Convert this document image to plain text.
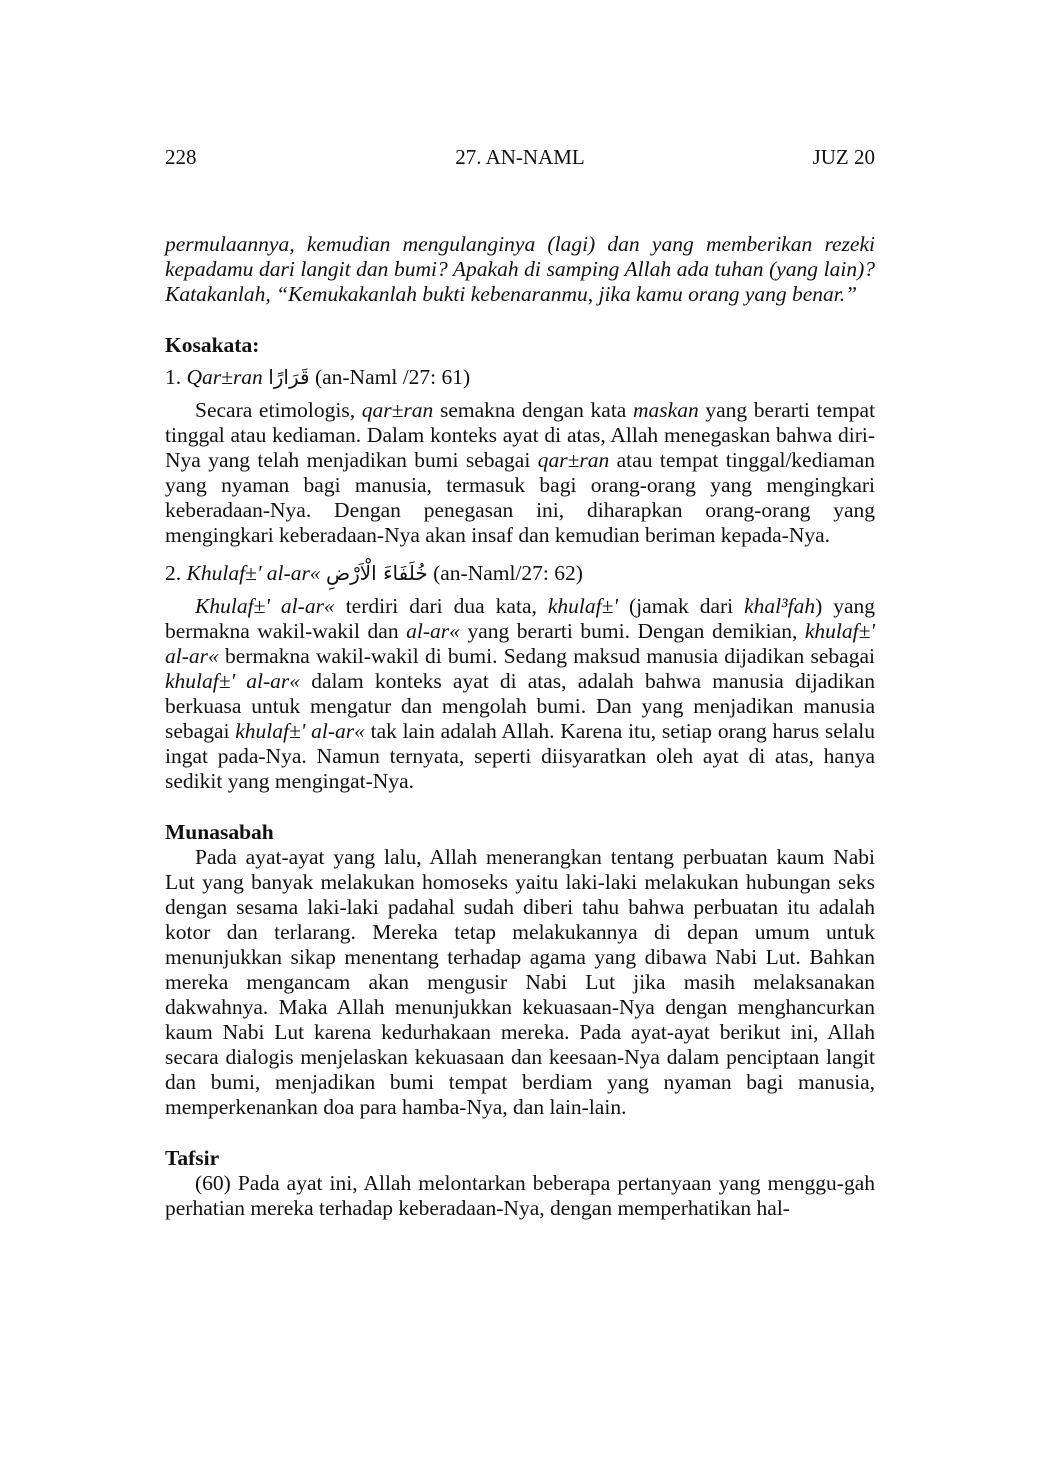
228	27. AN-NAML	JUZ 20

permulaannya, kemudian mengulanginya (lagi) dan yang memberikan rezeki kepadamu dari langit dan bumi? Apakah di samping Allah ada tuhan (yang lain)? Katakanlah, “Kemukakanlah bukti kebenaranmu, jika kamu orang yang benar.”

Kosakata:
1. Qar±ran قَرَارًا (an-Naml /27: 61)

Secara etimologis, qar±ran semakna dengan kata maskan yang berarti tempat tinggal atau kediaman. Dalam konteks ayat di atas, Allah menegaskan bahwa diri-Nya yang telah menjadikan bumi sebagai qar±ran atau tempat tinggal/kediaman yang nyaman bagi manusia, termasuk bagi orang-orang yang mengingkari keberadaan-Nya. Dengan penegasan ini, diharapkan orang-orang yang mengingkari keberadaan-Nya akan insaf dan kemudian beriman kepada-Nya.

2. Khulaf±' al-ar« خُلَفَاءَ الْاَرْضِ (an-Naml/27: 62)

Khulaf±' al-ar« terdiri dari dua kata, khulaf±' (jamak dari khal³fah) yang bermakna wakil-wakil dan al-ar« yang berarti bumi. Dengan demikian, khulaf±' al-ar« bermakna wakil-wakil di bumi. Sedang maksud manusia dijadikan sebagai khulaf±' al-ar« dalam konteks ayat di atas, adalah bahwa manusia dijadikan berkuasa untuk mengatur dan mengolah bumi. Dan yang menjadikan manusia sebagai khulaf±' al-ar« tak lain adalah Allah. Karena itu, setiap orang harus selalu ingat pada-Nya. Namun ternyata, seperti diisyaratkan oleh ayat di atas, hanya sedikit yang mengingat-Nya.

Munasabah

Pada ayat-ayat yang lalu, Allah menerangkan tentang perbuatan kaum Nabi Lut yang banyak melakukan homoseks yaitu laki-laki melakukan hubungan seks dengan sesama laki-laki padahal sudah diberi tahu bahwa perbuatan itu adalah kotor dan terlarang. Mereka tetap melakukannya di depan umum untuk menunjukkan sikap menentang terhadap agama yang dibawa Nabi Lut. Bahkan mereka mengancam akan mengusir Nabi Lut jika masih melaksanakan dakwahnya. Maka Allah menunjukkan kekuasaan-Nya dengan menghancurkan kaum Nabi Lut karena kedurhakaan mereka. Pada ayat-ayat berikut ini, Allah secara dialogis menjelaskan kekuasaan dan keesaan-Nya dalam penciptaan langit dan bumi, menjadikan bumi tempat berdiam yang nyaman bagi manusia, memperkenankan doa para hamba-Nya, dan lain-lain.

Tafsir

(60) Pada ayat ini, Allah melontarkan beberapa pertanyaan yang menggu-gah perhatian mereka terhadap keberadaan-Nya, dengan memperhatikan hal-
